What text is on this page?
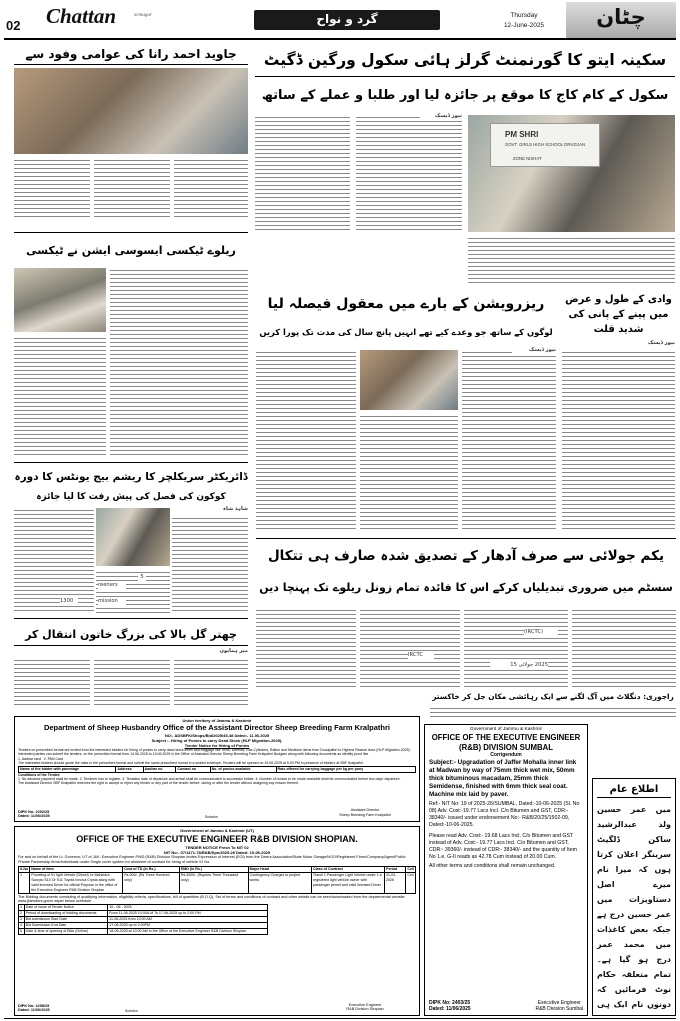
02 Chattan	Srinagar	گرد و نواح	Thursday
12-June-2025	چٹان
سکینہ ایتو کا گورنمنٹ گرلز ہائی سکول ورگین ڈگیٹ
سکول کے کام کاج کا موقع پر جائزہ لیا اور طلبا و عملے کے ساتھ
نیوز ڈیسک
PM SHRI
GOVT. GIRLS HIGH SCHOOL DRUGJAN
ZONE NISHAT
جاوید احمد رانا کی عوامی وفود سے
ریلوے ٹیکسی ایسوسی ایشن نے ٹیکسی
ریزرویشن کے بارے میں معقول فیصلہ لیا
لوگوں کے ساتھ جو وعدے کیے تھے انہیں پانچ سال کی مدت تک پورا کریں
نیوز ڈیسک
وادی کے طول و عرض میں پینے کے پانی کی شدید قلت
نیوز ڈیسک
ڈائریکٹر سریکلچر کا ریشم بیج یونٹس کا دورہ
کوکون کی فصل کی پیش رفت کا لیا جائزہ
شاہد شاہ
5
reeners
mission
1300
یکم جولائی سے صرف آدھار کے تصدیق شدہ صارف ہی تتکال
سسٹم میں ضروری تبدیلیاں کرکے اس کا فائدہ تمام زونل ریلوے تک پہنچا دیں
(IRCTC)
IRCTC
2025 جولائی 15
چھتر گل بالا کی بزرگ خاتون انتقال کر
میر ہمایوں
راجوری: دنگلاٹ میں آگ لگنے سے ایک رہائشی مکان جل کر خاکستر
Union territory of Jammu & Kashmir
Department of Sheep Husbandry Office of the Assistant Director Sheep Breeding Farm Kralpathri
NO:- ADSBFK/Shops/Bid/2025/45-48 Dated:- 11.06.2025
Subject :- Hiring of Ponies to carry Dead Stock (HLP Migration-2025).
Tender Notice for Hiring of Ponies
Tenders on prescribed format are invited from the interested bidders for hiring of ponies to carry dead stock items and baggage like Tents, Utensils, Gas Cylinders, Ration and Medicine items from Doodpathri to Highest Pasture Area (HLP Migration-2025). Interested parties can submit the tenders, on the prescribed format from 14.06.2025 to 19.06.2025 in the Office of Assistant Director Sheep Breeding Farm Kralpathri Budgam along with following documents as identity proof like
1. Aadhar card 2. PAN Card
The interested bidders should quote the rates in the prescribed format and submit the same prescribed format in a sealed envelope. Tenders will be opened on 19.06.2025 at 5.00 PM in presence of bidders at SBF Kralpathri.
Name of the bidder with parentage	Address	Aadhar no	Contact no	No. of ponies available	Rate offered for carrying baggage per kg per pony
Conditions of the Tender:
1. No advance payment shall be made. 2. Tenderer has to register. 3. Tentative date of departure and arrival shall be communicated to successful bidder. 4. Number of horses to be made available shall be communicated before few days' departure.
The Assistant Director SBF Kralpathri reserves the right to accept or reject any tender or any part of the tender before, during or after the tender without assigning any reason thereof.
Assistant Director
Sheep Breeding Farm Kralpathri
DIPK No: 2292/25
Dated: 11/06/2025	Scindon
Government of Jammu & Kashmir (UT)
OFFICE OF THE EXECUTIVE ENGINEER R&B DIVISION SHOPIAN.
TENDER NOTICE Fresh To NIT 02
NIT No:- 07/1471-78/R&B/Spn/2025-26 Dated: 10-06-2025
For and on behalf of the Lt. Governor, UT of J&K, Executive Engineer PWD (R&B) Division Shopian invites Expression of Interest (EOI) from the Divers Association/State Motor Garage/NGO/Registered Firms/Company/Agent/Public Private Partnership firms/Individuals under Single cover system for allotment of contract for hiring of vehicle 01 No.
S.No	Name of item	Cost of TD (In Rs.)	EMD (In Rs.)	Major Head	Class of Contract	Period	Cell
1	Providing of 01 light Vehicle (Diesel) i.e Mahindra Scorpio S10 Or S11 Toyota Innova Crysta along with valid licensed Driver for official Purpose in the office of the Executive Engineer R&B Division Shopian	Rs:300/- (Rs Three Hundred only)	Rs:3000/- (Rupees Three Thousand only)	Contingency Charges to project works	Travel 1 Passenger Light Vehicle under 1 a registered light vehicle owner with passenger permit and valid licensed Driver	31-03-2026	Cell
The Bidding documents consisting of qualifying information, eligibility criteria, specifications, bill of quantities (B.O.Q), Set of terms and conditions of contract and other details can be seen/downloaded from the departmental website www.jktenders.gov.in asper below schedule.
1	Date of Issue of Tender Notice	10 - 06 - 2025
2	Period of downloading of bidding documents	From 11-06-2025 10:00A.M To 17-06-2025 up to 2:00 PM
3	Bid submission Start Date	11-06-2025 from 10:00 AM
4	Bid Submission End Date	17-06-2025 up to 2:00PM
5	Date & time of opening of Bids (Online)	18-06-2025 at 10:00 AM in the Office of the Executive Engineer R&B Division Shopian.
DIPK No: 2298/25
Dated: 11/06/2025	Scindon
Executive Engineer
R&B Division Shopian
Government of Jammu & Kashmir
OFFICE OF THE EXECUTIVE ENGINEER (R&B) DIVISION SUMBAL
Corrigendum
Subject:- Upgradation of Jaffer Mohalla inner link at Madwan by way of 75mm thick wet mix, 50mm thick bituminous macadam, 25mm thick Semidense, finished with 6mm thick seal coat. Machine mix laid by paver.
Ref:- NIT No: 19 of 2025-26/SUMBAL, Dated:-10-06-2025 (Sl. No 08) Adv. Cost:-19.77 Lacs Incl. C/o Bitumen and GST, CDR:- 38340/- issued under endorsement No:- R&B/20/25/1502-09, Dated:-10-06-2025.
Please read Adv. Cost:- 19.68 Lacs Incl. C/o Bitumen and GST instead of Adv. Cost:- 19.77 Lacs Incl. C/o Bitumen and GST, CDR:- 39360/- instead of CDR:- 38340/- and the quantity of Item No 1.e. G-II reads as 42.78 Cum instead of 20.00 Cum.
All other terms and conditions shall remain unchanged.
DIPK No: 2403/25
Dated: 11/06/2025
Executive Engineer
R&B Division Sumbal
اطلاع عام
میں عمر حسین ولد عبدالرشید ساکن ڈلگیٹ سرینگر اعلان کرتا ہوں کہ میرا نام میرے اصل دستاویزات میں عمر حسین درج ہے جبکہ بعض کاغذات میں محمد عمر درج ہو گیا ہے۔ تمام متعلقہ حکام نوٹ فرمائیں کہ دونوں نام ایک ہی
